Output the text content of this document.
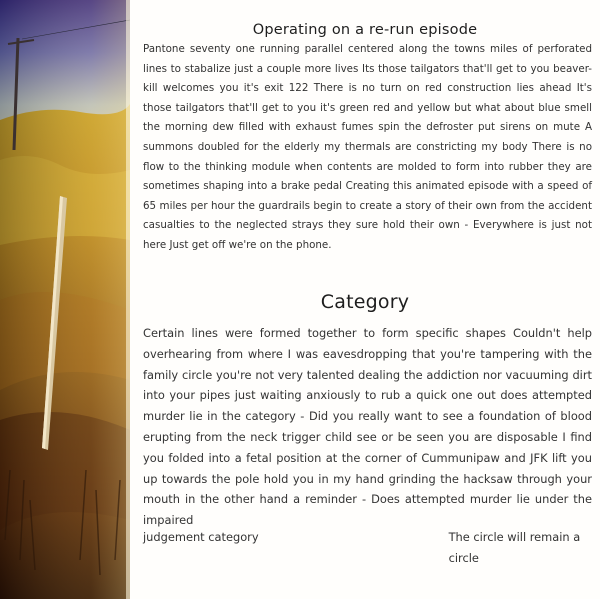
Operating on a re-run episode
Pantone seventy one running parallel centered along the towns miles of perforated lines to stabalize just a couple more lives Its those tailgators that'll get to you beaver-kill welcomes you it's exit 122 There is no turn on red construction lies ahead It's those tailgators that'll get to you it's green red and yellow but what about blue smell the morning dew filled with exhaust fumes spin the defroster put sirens on mute A summons doubled for the elderly my thermals are constricting my body There is no flow to the thinking module when contents are molded to form into rubber they are sometimes shaping into a brake pedal Creating this animated episode with a speed of 65 miles per hour the guardrails begin to create a story of their own from the accident casualties to the neglected strays they sure hold their own - Everywhere is just not here Just get off we're on the phone.
Category
Certain lines were formed together to form specific shapes Couldn't help overhearing from where I was eavesdropping that you're tampering with the family circle you're not very talented dealing the addiction nor vacuuming dirt into your pipes just waiting anxiously to rub a quick one out does attempted murder lie in the category - Did you really want to see a foundation of blood erupting from the neck trigger child see or be seen you are disposable I find you folded into a fetal position at the corner of Cummunipaw and JFK lift you up towards the pole hold you in my hand grinding the hacksaw through your mouth in the other hand a reminder - Does attempted murder lie under the impaired
judgement category	The circle will remain a circle
